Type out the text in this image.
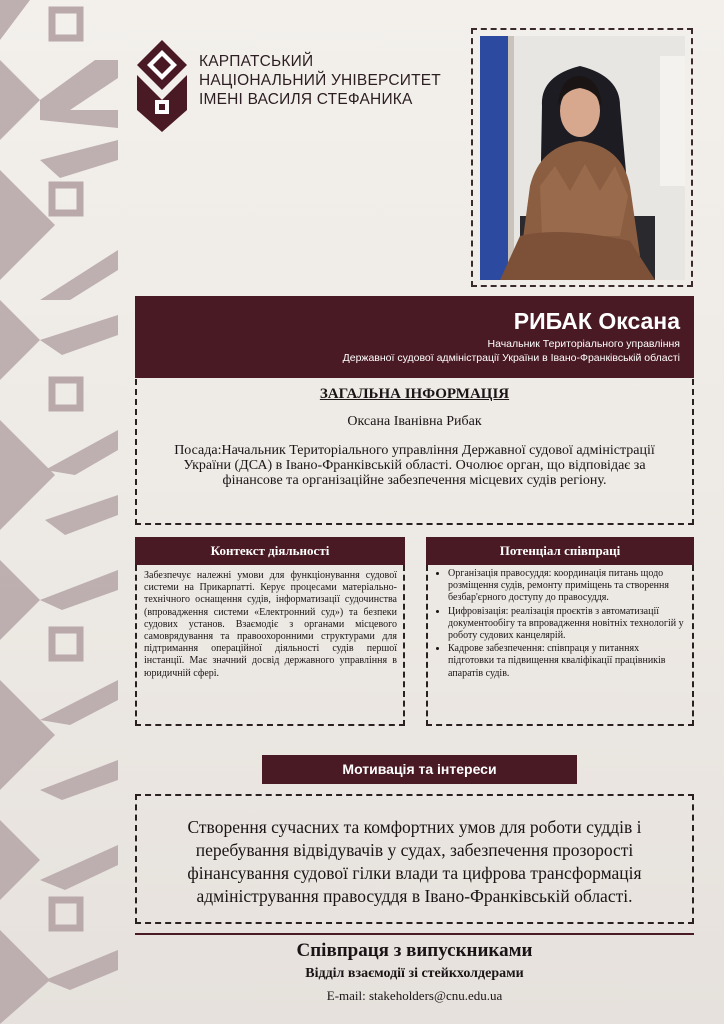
КАРПАТСЬКИЙ
НАЦІОНАЛЬНИЙ УНІВЕРСИТЕТ
ІМЕНІ ВАСИЛЯ СТЕФАНИКА
РИБАК Оксана
Начальник Територіального управління
Державної судової адміністрації України в Івано-Франківській області
ЗАГАЛЬНА ІНФОРМАЦІЯ
Оксана Іванівна Рибак
Посада:Начальник Територіального управління Державної судової адміністрації України (ДСА) в Івано-Франківській області. Очолює орган, що відповідає за фінансове та організаційне забезпечення місцевих судів регіону.
Контекст діяльності
Забезпечує належні умови для функціонування судової системи на Прикарпатті. Керує процесами матеріально-технічного оснащення судів, інформатизації судочинства (впровадження системи «Електронний суд») та безпеки судових установ. Взаємодіє з органами місцевого самоврядування та правоохоронними структурами для підтримання операційної діяльності судів першої інстанції. Має значний досвід державного управління в юридичній сфері.
Потенціал співпраці
• Організація правосуддя: координація питань щодо розміщення судів, ремонту приміщень та створення безбар'єрного доступу до правосуддя.
• Цифровізація: реалізація проєктів з автоматизації документообігу та впровадження новітніх технологій у роботу судових канцелярій.
• Кадрове забезпечення: співпраця у питаннях підготовки та підвищення кваліфікації працівників апаратів судів.
Мотивація та інтереси
Створення сучасних та комфортних умов для роботи суддів і перебування відвідувачів у судах, забезпечення прозорості фінансування судової гілки влади та цифрова трансформація адміністрування правосуддя в Івано-Франківській області.
Співпраця з випускниками
Відділ взаємодії зі стейкхолдерами
E-mail: stakeholders@cnu.edu.ua
